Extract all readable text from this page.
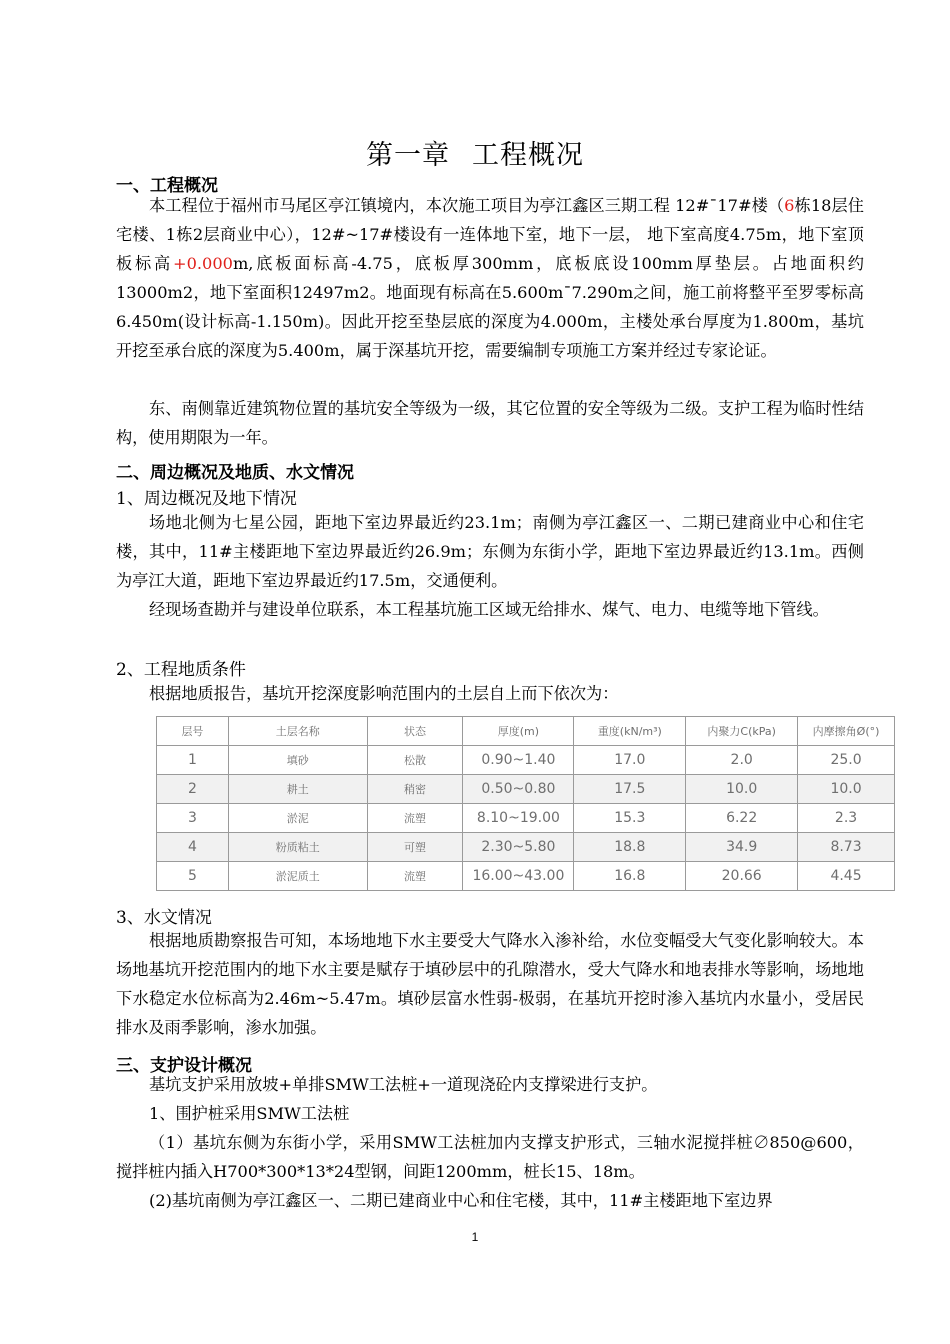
第一章 工程概况
一、工程概况
本工程位于福州市马尾区亭江镇境内，本次施工项目为亭江鑫区三期工程 12#¯17#楼（6栋18层住宅楼、1栋2层商业中心），12#~17#楼设有一连体地下室，地下一层， 地下室高度4.75m，地下室顶板标高+0.000m,底板面标高-4.75，底板厚300mm，底板底设100mm厚垫层。占地面积约13000m2，地下室面积12497m2。地面现有标高在5.600m¯7.290m之间，施工前将整平至罗零标高6.450m(设计标高-1.150m)。因此开挖至垫层底的深度为4.000m，主楼处承台厚度为1.800m，基坑开挖至承台底的深度为5.400m，属于深基坑开挖，需要编制专项施工方案并经过专家论证。
东、南侧靠近建筑物位置的基坑安全等级为一级，其它位置的安全等级为二级。支护工程为临时性结构，使用期限为一年。
二、周边概况及地质、水文情况
1、周边概况及地下情况
场地北侧为七星公园，距地下室边界最近约23.1m；南侧为亭江鑫区一、二期已建商业中心和住宅楼，其中，11#主楼距地下室边界最近约26.9m；东侧为东街小学，距地下室边界最近约13.1m。西侧为亭江大道，距地下室边界最近约17.5m，交通便利。
经现场查勘并与建设单位联系，本工程基坑施工区域无给排水、煤气、电力、电缆等地下管线。
2、工程地质条件
根据地质报告，基坑开挖深度影响范围内的土层自上而下依次为：
层号	土层名称	状态	厚度(m)	重度(kN/m³)	内聚力C(kPa)	内摩擦角Ø(°)
1	填砂	松散	0.90~1.40	17.0	2.0	25.0
2	耕土	稍密	0.50~0.80	17.5	10.0	10.0
3	淤泥	流塑	8.10~19.00	15.3	6.22	2.3
4	粉质粘土	可塑	2.30~5.80	18.8	34.9	8.73
5	淤泥质土	流塑	16.00~43.00	16.8	20.66	4.45
3、水文情况
根据地质勘察报告可知，本场地地下水主要受大气降水入渗补给，水位变幅受大气变化影响较大。本场地基坑开挖范围内的地下水主要是赋存于填砂层中的孔隙潜水，受大气降水和地表排水等影响，场地地下水稳定水位标高为2.46m~5.47m。填砂层富水性弱-极弱，在基坑开挖时渗入基坑内水量小，受居民排水及雨季影响，渗水加强。
三、支护设计概况
基坑支护采用放坡+单排SMW工法桩+一道现浇砼内支撑梁进行支护。
1、围护桩采用SMW工法桩
（1）基坑东侧为东街小学，采用SMW工法桩加内支撑支护形式，三轴水泥搅拌桩∅850@600，搅拌桩内插入H700*300*13*24型钢，间距1200mm，桩长15、18m。
(2)基坑南侧为亭江鑫区一、二期已建商业中心和住宅楼，其中，11#主楼距地下室边界
1
